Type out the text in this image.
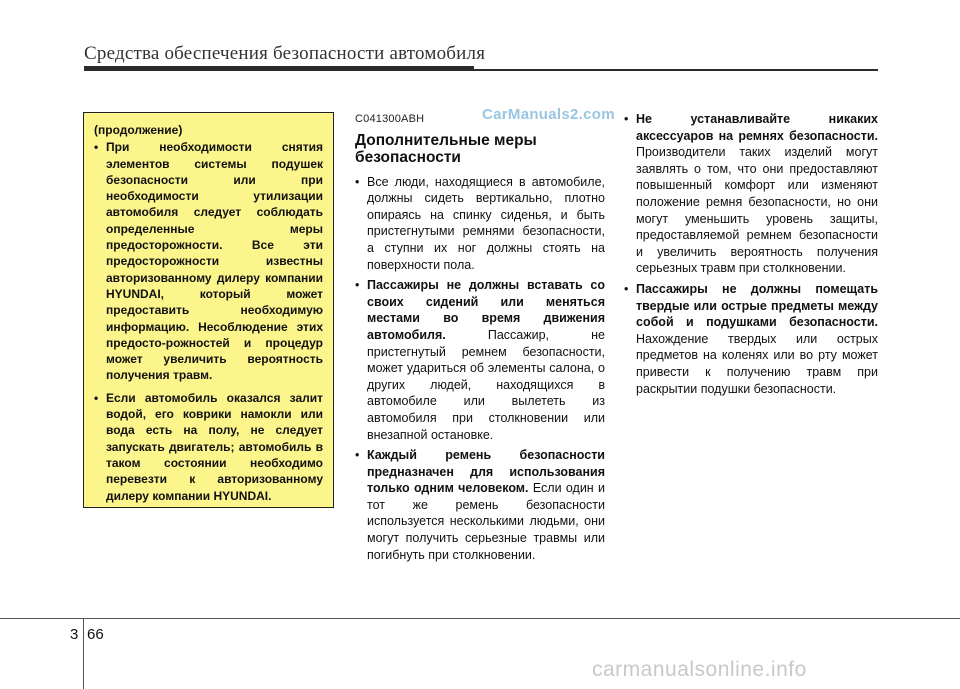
Средства обеспечения безопасности автомобиля
(продолжение)
• При необходимости снятия элементов системы подушек безопасности или при необходимости утилизации автомобиля следует соблюдать определенные меры предосторожности. Все эти предосторожности известны авторизованному дилеру компании HYUNDAI, который может предоставить необходимую информацию. Несоблюдение этих предосто-рожностей и процедур может увеличить вероятность получения травм.
• Если автомобиль оказался залит водой, его коврики намокли или вода есть на полу, не следует запускать двигатель; автомобиль в таком состоянии необходимо перевезти к авторизованному дилеру компании HYUNDAI.
C041300ABH
Дополнительные меры безопасности
• Все люди, находящиеся в автомобиле, должны сидеть вертикально, плотно опираясь на спинку сиденья, и быть пристегнутыми ремнями безопасности, а ступни их ног должны стоять на поверхности пола.
• Пассажиры не должны вставать со своих сидений или меняться местами во время движения автомобиля. Пассажир, не пристегнутый ремнем безопасности, может удариться об элементы салона, о других людей, находящихся в автомобиле или вылететь из автомобиля при столкновении или внезапной остановке.
• Каждый ремень безопасности предназначен для использования только одним человеком. Если один и тот же ремень безопасности используется несколькими людьми, они могут получить серьезные травмы или погибнуть при столкновении.
CarManuals2.com • Не устанавливайте никаких аксессуаров на ремнях безопасности. Производители таких изделий могут заявлять о том, что они предоставляют повышенный комфорт или изменяют положение ремня безопасности, но они могут уменьшить уровень защиты, предоставляемой ремнем безопасности и увеличить вероятность получения серьезных травм при столкновении.
• Пассажиры не должны помещать твердые или острые предметы между собой и подушками безопасности. Нахождение твердых или острых предметов на коленях или во рту может привести к получению травм при раскрытии подушки безопасности.
3 66
carmanualsonline.info
